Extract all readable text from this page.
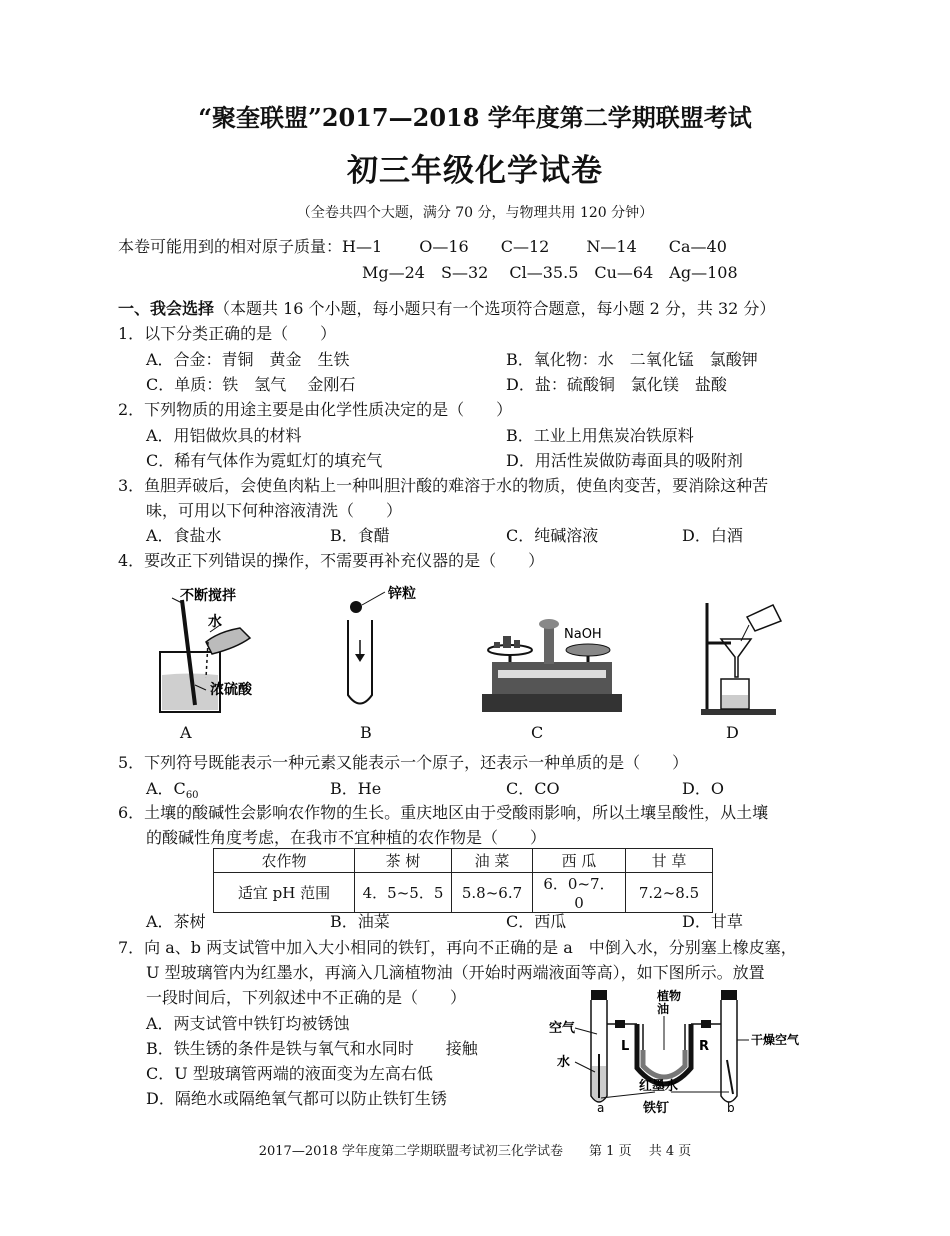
“聚奎联盟”2017—2018 学年度第二学期联盟考试
初三年级化学试卷
（全卷共四个大题，满分 70 分，与物理共用 120 分钟）
本卷可能用到的相对原子质量：H—1　　 O—16　　C—12　　 N—14　　Ca—40
Mg—24　S—32　 Cl—35.5　Cu—64　Ag—108
一、我会选择（本题共 16 个小题，每小题只有一个选项符合题意，每小题 2 分，共 32 分）
1．以下分类正确的是（　　）
A．合金：青铜　黄金　生铁	B．氧化物：水　二氧化锰　氯酸钾
C．单质：铁　氢气　 金刚石	D．盐：硫酸铜　氯化镁　盐酸
2．下列物质的用途主要是由化学性质决定的是（　　）
A．用铝做炊具的材料	B．工业上用焦炭冶铁原料
C．稀有气体作为霓虹灯的填充气	D．用活性炭做防毒面具的吸附剂
3．鱼胆弄破后，会使鱼肉粘上一种叫胆汁酸的难溶于水的物质，使鱼肉变苦，要消除这种苦
味，可用以下何种溶液清洗（　　）
A．食盐水	B．食醋	C．纯碱溶液	D．白酒
4．要改正下列错误的操作，不需要再补充仪器的是（　　）
不断搅拌
水
浓硫酸
锌粒
NaOH
A	B	C	D
5．下列符号既能表示一种元素又能表示一个原子，还表示一种单质的是（　　）
A．$C_{60}$	B．He	C．CO	D．O
6．土壤的酸碱性会影响农作物的生长。重庆地区由于受酸雨影响，所以土壤呈酸性，从土壤
的酸碱性角度考虑，在我市不宜种植的农作物是（　　）
农作物	茶 树	油 菜	西 瓜	甘 草
适宜 pH 范围	4．5~5．5	5.8~6.7	6．0~7．0	7.2~8.5
A．茶树	B．油菜	C．西瓜	D．甘草
7．向 a、b 两支试管中加入大小相同的铁钉，再向不正确的是 a　中倒入水，分别塞上橡皮塞，
U 型玻璃管内为红墨水，再滴入几滴植物油（开始时两端液面等高），如下图所示。放置
一段时间后，下列叙述中不正确的是（　　）
A．两支试管中铁钉均被锈蚀
B．铁生锈的条件是铁与氧气和水同时　　接触
C．U 型玻璃管两端的液面变为左高右低
D．隔绝水或隔绝氧气都可以防止铁钉生锈
植物 油
空气
水
L	R	干燥空气
红墨水
铁钉
a	b
2017—2018 学年度第二学期联盟考试初三化学试卷　　第 1 页　 共 4 页
